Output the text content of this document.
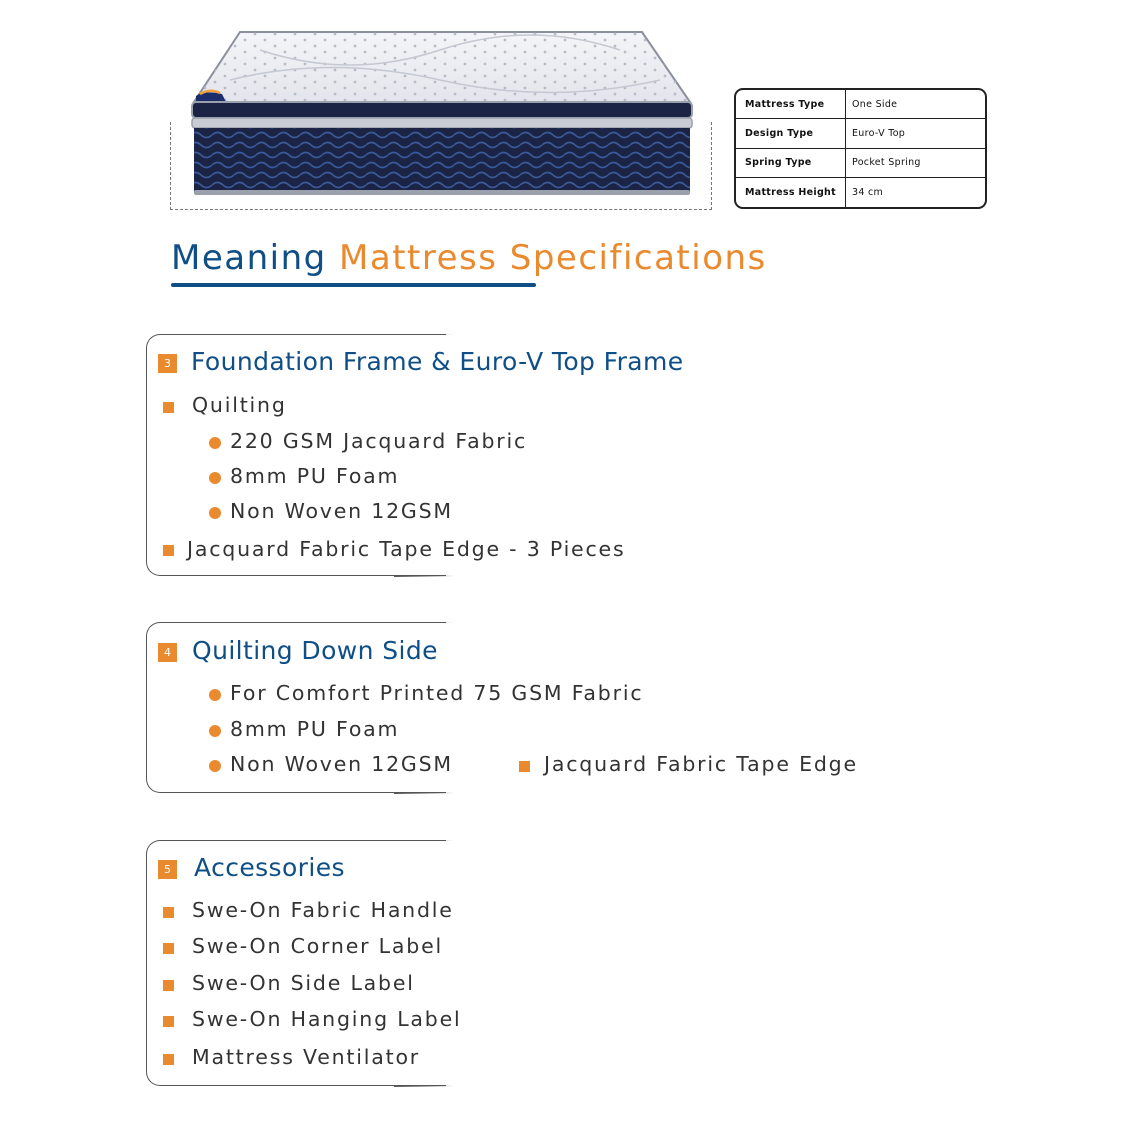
Mattress Type	One Side
Design Type	Euro-V Top
Spring Type	Pocket Spring
Mattress Height	34 cm
Meaning Mattress Specifications
3 Foundation Frame & Euro-V Top Frame
Quilting
220 GSM Jacquard Fabric
8mm PU Foam
Non Woven 12GSM
Jacquard Fabric Tape Edge - 3 Pieces
4 Quilting Down Side
For Comfort Printed 75 GSM Fabric
8mm PU Foam
Non Woven 12GSM	Jacquard Fabric Tape Edge
5 Accessories
Swe-On Fabric Handle
Swe-On Corner Label
Swe-On Side Label
Swe-On Hanging Label
Mattress Ventilator
